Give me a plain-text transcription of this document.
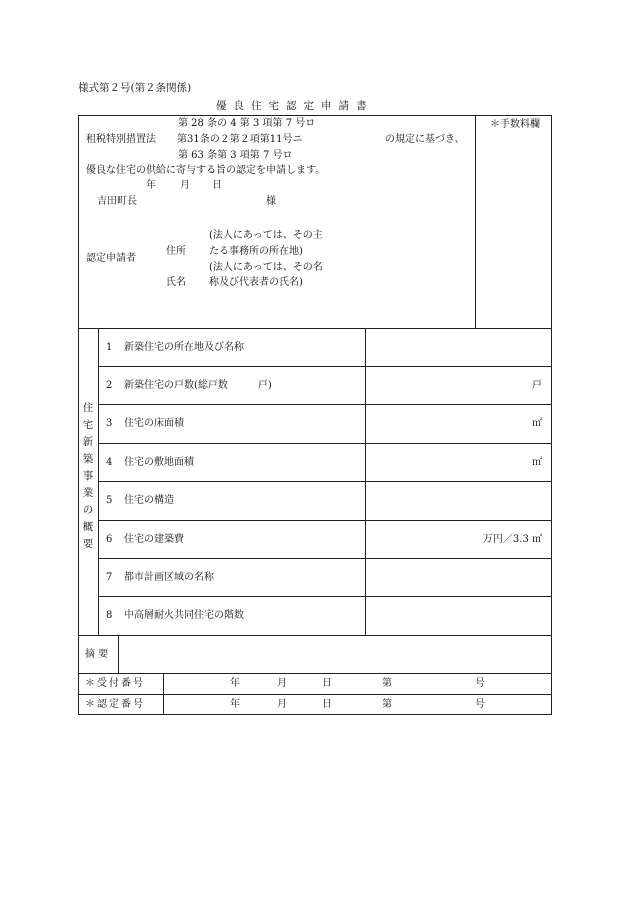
様式第２号(第２条関係)
優良住宅認定申請書
＊手数料欄
第 28 条の 4 第 3 項第 7 号ロ
租税特別措置法 第31条の２第２項第11号ニ	の規定に基づき、
第 63 条第 3 項第 7 号ロ
優良な住宅の供給に寄与する旨の認定を申請します。
年 月 日
吉田町長	様
(法人にあっては、その主
住所 たる事務所の所在地)
認定申請者
(法人にあっては、その名
氏名 称及び代表者の氏名)
住
宅
新
築
事
業
の
概
要
1	新築住宅の所在地及び名称
2	新築住宅の戸数(総戸数　　　戸)	戸
3	住宅の床面積	㎡
4	住宅の敷地面積	㎡
5	住宅の構造
6	住宅の建築費	万円／3.3 ㎡
7	都市計画区域の名称
8	中高層耐火共同住宅の階数
摘 要
＊受付番号	年	月	日	第	号
＊認定番号	年	月	日	第	号
